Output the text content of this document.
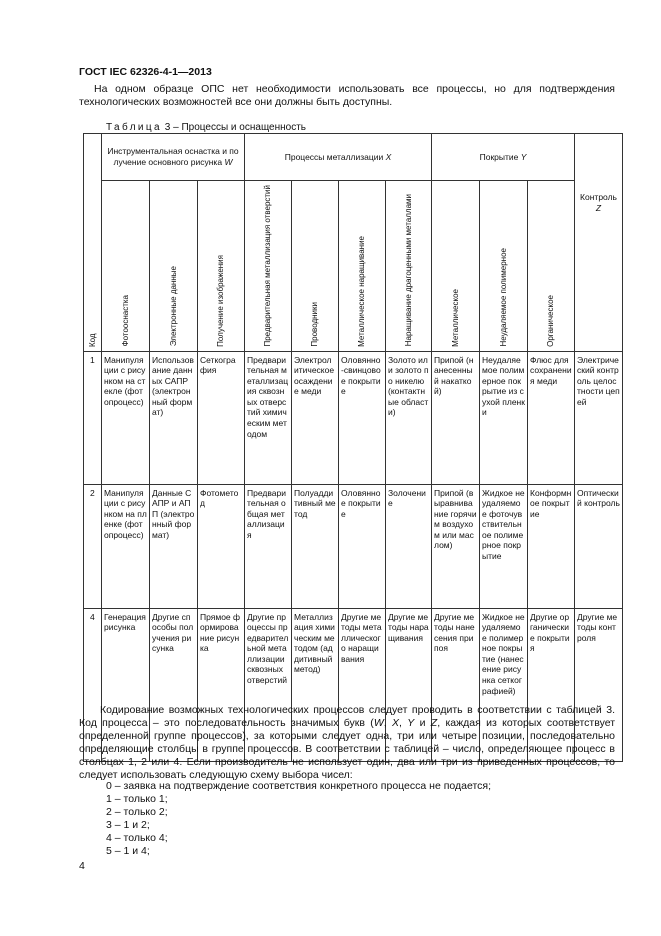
ГОСТ IEC 62326-4-1—2013

На одном образце ОПС нет необходимости использовать все процессы, но для подтверждения технологических возможностей все они должны быть доступны.

Таблица 3 – Процессы и оснащенность
Код	Инструментальная оснастка и получение основного рисунка W			Процессы металлизации X				Покрытие Y			Контроль
Z

	Фотооснастка	Электронные данные	Получение изображения	Предварительная металлизация отверстий	Проводники	Металлическое наращивание	Наращивание драгоценными металлами	Металлическое	Неудаляемое полимерное	Органическое	

1	Манипуляции с рисунком на стекле (фотопроцесс)	Использование данных САПР (электронный формат)	Сеткография	Предварительная металлизация сквозных отверстий химическим методом	Электролитическое осаждение меди	Оловянно-свинцовое покрытие	Золото или золото по никелю (контактные области)	Припой (нанесенный накаткой)	Неудаляемое полимерное покрытие из сухой пленки	Флюс для сохранения меди	Электрический контроль целостности цепей

2	Манипуляции с рисунком на пленке (фотопроцесс)	Данные САПР и АПП (электронный формат)	Фотометод	Предварительная общая металлизация	Полуаддитивный метод	Оловянное покрытие	Золочение	Припой (выравнивание горячим воздухом или маслом)	Жидкое неудаляемое фоточувствительное полимерное покрытие	Конформное покрытие	Оптический контроль

4	Генерация рисунка	Другие способы получения рисунка	Прямое формирование рисунка	Другие процессы предварительной металлизации сквозных отверстий	Металлизация химическим методом (аддитивный метод)	Другие методы металлического наращивания	Другие методы наращивания	Другие методы нанесения припоя	Жидкое неудаляемое полимерное покрытие (нанесение рисунка сеткографией)	Другие органические покрытия	Другие методы контроля

Кодирование возможных технологических процессов следует проводить в соответствии с таблицей 3. Код процесса – это последовательность значимых букв (W, X, Y и Z, каждая из которых соответствует определенной группе процессов), за которыми следует одна, три или четыре позиции, последовательно определяющие столбцы в группе процессов. В соответствии с таблицей – число, определяющее процесс в столбцах 1, 2 или 4. Если производитель не использует один, два или три из приведенных процессов, то следует использовать следующую схему выбора чисел:

0 – заявка на подтверждение соответствия конкретного процесса не подается;
1 – только 1;
2 – только 2;
3 – 1 и 2;
4 – только 4;
5 – 1 и 4;
4
